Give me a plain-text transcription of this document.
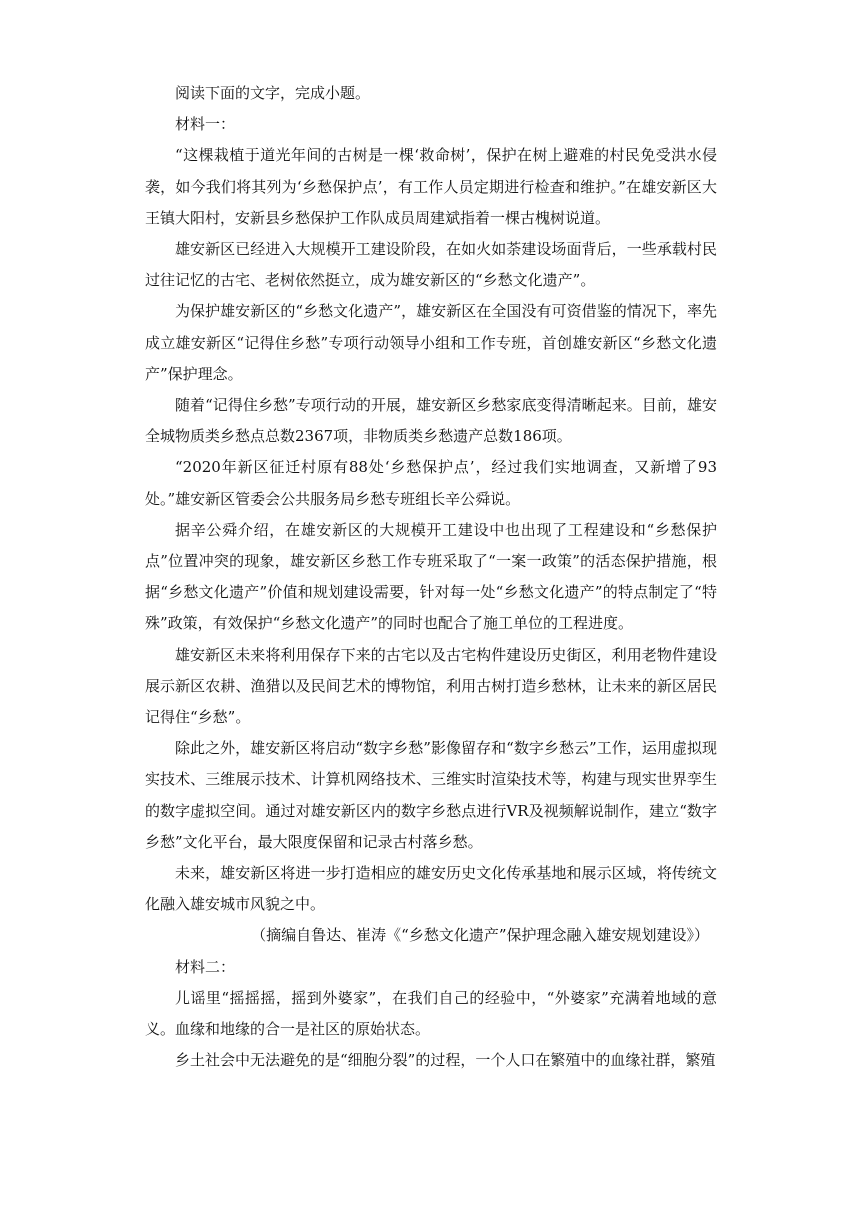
阅读下面的文字，完成小题。

材料一：

“这棵栽植于道光年间的古树是一棵‘救命树’，保护在树上避难的村民免受洪水侵袭，如今我们将其列为‘乡愁保护点’，有工作人员定期进行检查和维护。”在雄安新区大王镇大阳村，安新县乡愁保护工作队成员周建斌指着一棵古槐树说道。

雄安新区已经进入大规模开工建设阶段，在如火如荼建设场面背后，一些承载村民过往记忆的古宅、老树依然挺立，成为雄安新区的“乡愁文化遗产”。

为保护雄安新区的“乡愁文化遗产”，雄安新区在全国没有可资借鉴的情况下，率先成立雄安新区“记得住乡愁”专项行动领导小组和工作专班，首创雄安新区“乡愁文化遗产”保护理念。

随着“记得住乡愁”专项行动的开展，雄安新区乡愁家底变得清晰起来。目前，雄安全城物质类乡愁点总数2367项，非物质类乡愁遗产总数186项。

“2020年新区征迁村原有88处‘乡愁保护点’，经过我们实地调查，又新增了93处。”雄安新区管委会公共服务局乡愁专班组长辛公舜说。

据辛公舜介绍，在雄安新区的大规模开工建设中也出现了工程建设和“乡愁保护点”位置冲突的现象，雄安新区乡愁工作专班采取了“一案一政策”的活态保护措施，根据“乡愁文化遗产”价值和规划建设需要，针对每一处“乡愁文化遗产”的特点制定了“特殊”政策，有效保护“乡愁文化遗产”的同时也配合了施工单位的工程进度。

雄安新区未来将利用保存下来的古宅以及古宅构件建设历史街区，利用老物件建设展示新区农耕、渔猎以及民间艺术的博物馆，利用古树打造乡愁林，让未来的新区居民记得住“乡愁”。

除此之外，雄安新区将启动“数字乡愁”影像留存和“数字乡愁云”工作，运用虚拟现实技术、三维展示技术、计算机网络技术、三维实时渲染技术等，构建与现实世界孪生的数字虚拟空间。通过对雄安新区内的数字乡愁点进行VR及视频解说制作，建立“数字乡愁”文化平台，最大限度保留和记录古村落乡愁。

未来，雄安新区将进一步打造相应的雄安历史文化传承基地和展示区域，将传统文化融入雄安城市风貌之中。

（摘编自鲁达、崔涛《“乡愁文化遗产”保护理念融入雄安规划建设》）

材料二：

儿谣里“摇摇摇，摇到外婆家”，在我们自己的经验中，“外婆家”充满着地域的意义。血缘和地缘的合一是社区的原始状态。

乡土社会中无法避免的是“细胞分裂”的过程，一个人口在繁殖中的血缘社群，繁殖
